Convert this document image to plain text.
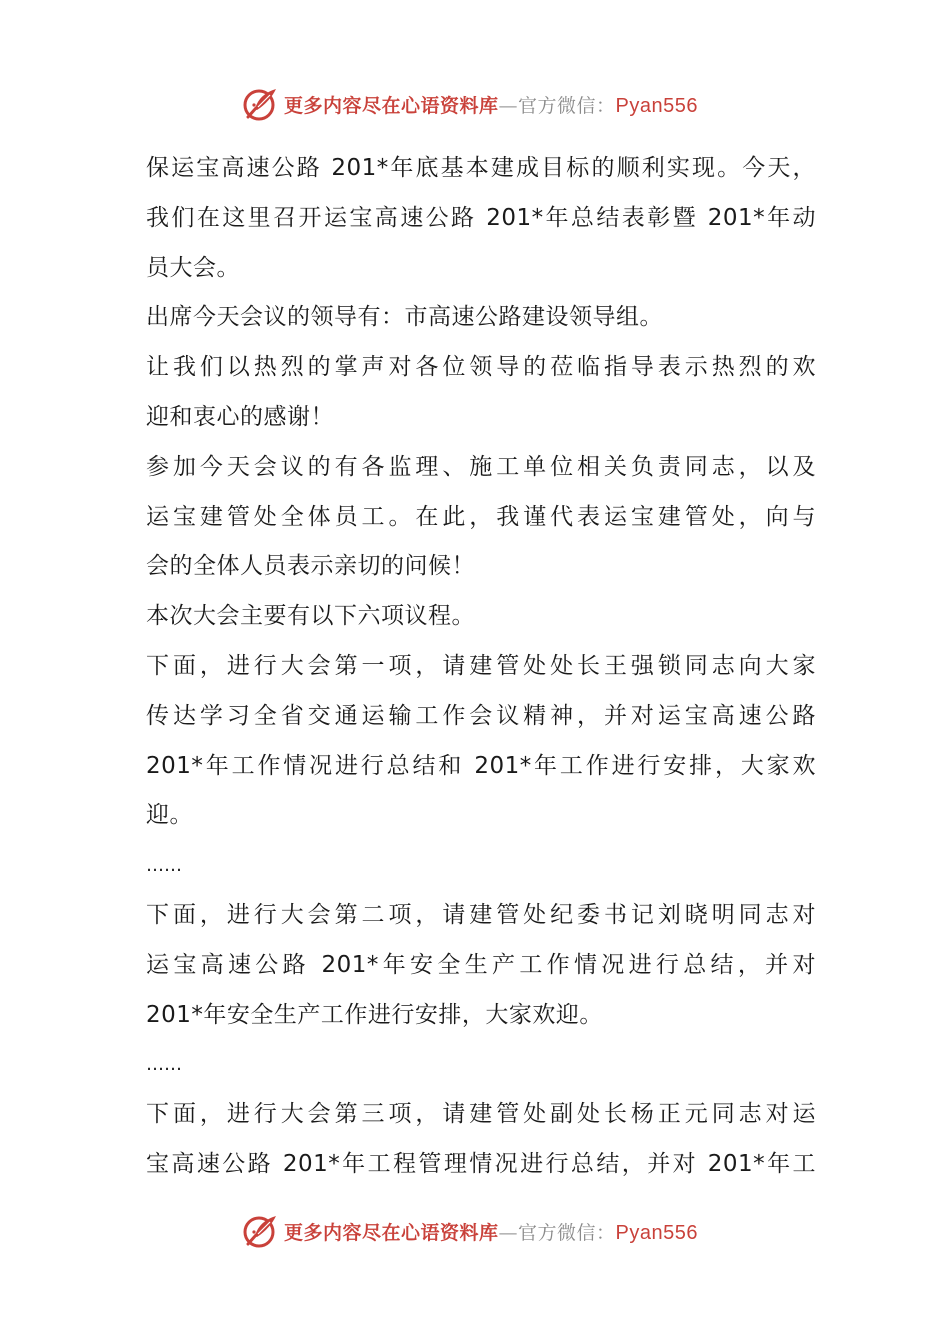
更多内容尽在心语资料库—官方微信：Pyan556
保运宝高速公路 201*年底基本建成目标的顺利实现。今天，
我们在这里召开运宝高速公路 201*年总结表彰暨 201*年动
员大会。
出席今天会议的领导有：市高速公路建设领导组。
让我们以热烈的掌声对各位领导的莅临指导表示热烈的欢
迎和衷心的感谢！
参加今天会议的有各监理、施工单位相关负责同志，以及
运宝建管处全体员工。在此，我谨代表运宝建管处，向与
会的全体人员表示亲切的问候！
本次大会主要有以下六项议程。
下面，进行大会第一项，请建管处处长王强锁同志向大家
传达学习全省交通运输工作会议精神，并对运宝高速公路
201*年工作情况进行总结和 201*年工作进行安排，大家欢
迎。
……
下面，进行大会第二项，请建管处纪委书记刘晓明同志对
运宝高速公路 201*年安全生产工作情况进行总结，并对
201*年安全生产工作进行安排，大家欢迎。
……
下面，进行大会第三项，请建管处副处长杨正元同志对运
宝高速公路 201*年工程管理情况进行总结，并对 201*年工
更多内容尽在心语资料库—官方微信：Pyan556
